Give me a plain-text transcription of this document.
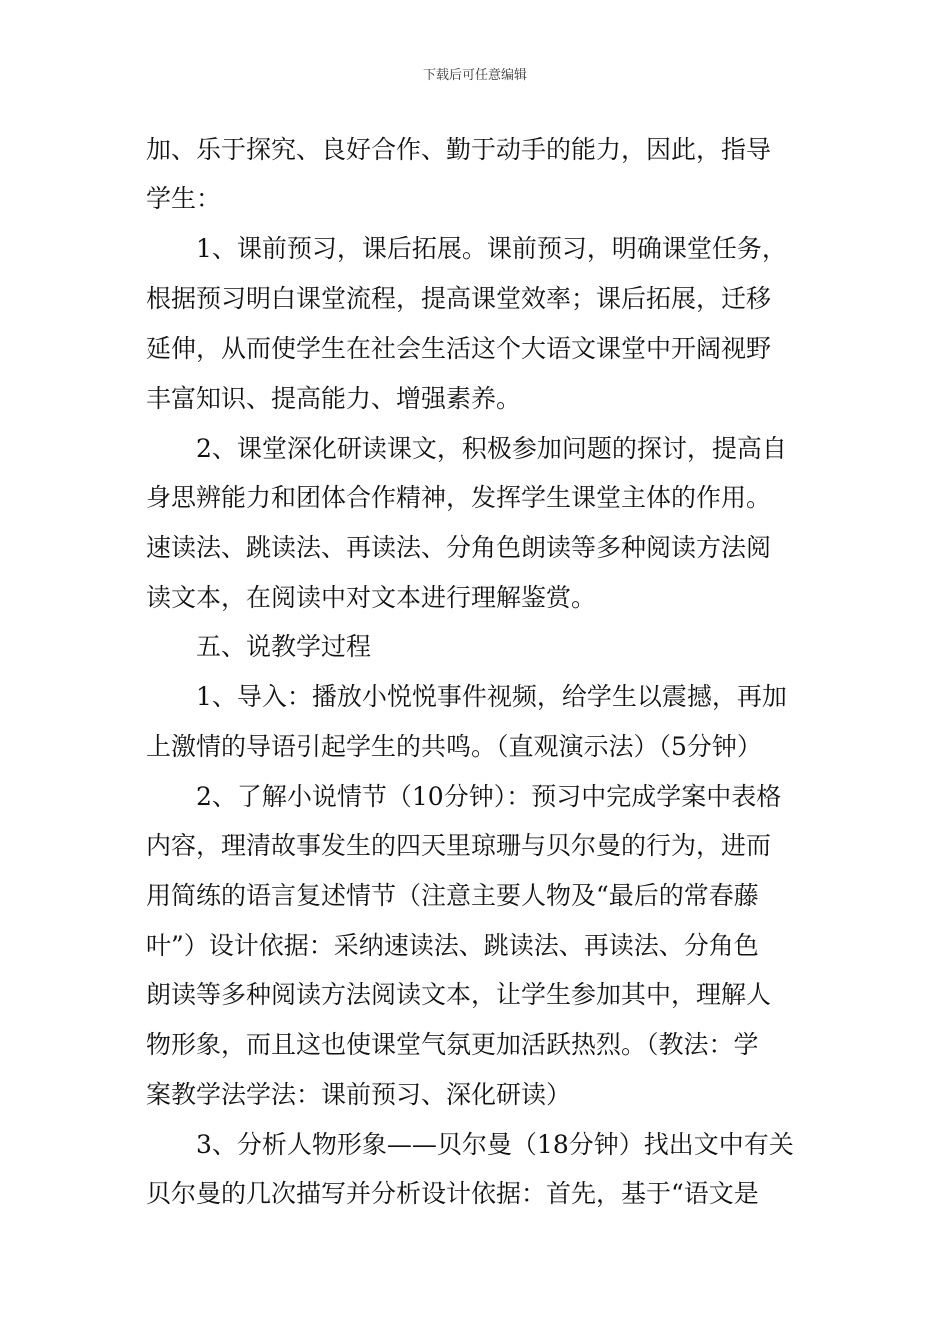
下载后可任意编辑
加、乐于探究、良好合作、勤于动手的能力，因此，指导
学生：
1、课前预习，课后拓展。课前预习，明确课堂任务，
根据预习明白课堂流程，提高课堂效率；课后拓展，迁移
延伸，从而使学生在社会生活这个大语文课堂中开阔视野
丰富知识、提高能力、增强素养。
2、课堂深化研读课文，积极参加问题的探讨，提高自
身思辨能力和团体合作精神，发挥学生课堂主体的作用。
速读法、跳读法、再读法、分角色朗读等多种阅读方法阅
读文本，在阅读中对文本进行理解鉴赏。
五、说教学过程
1、导入：播放小悦悦事件视频，给学生以震撼，再加
上激情的导语引起学生的共鸣。（直观演示法）（5分钟）
2、了解小说情节（10分钟）：预习中完成学案中表格
内容，理清故事发生的四天里琼珊与贝尔曼的行为，进而
用简练的语言复述情节（注意主要人物及“最后的常春藤
叶”）设计依据：采纳速读法、跳读法、再读法、分角色
朗读等多种阅读方法阅读文本，让学生参加其中，理解人
物形象，而且这也使课堂气氛更加活跃热烈。（教法：学
案教学法学法：课前预习、深化研读）
3、分析人物形象——贝尔曼（18分钟）找出文中有关
贝尔曼的几次描写并分析设计依据：首先，基于“语文是
